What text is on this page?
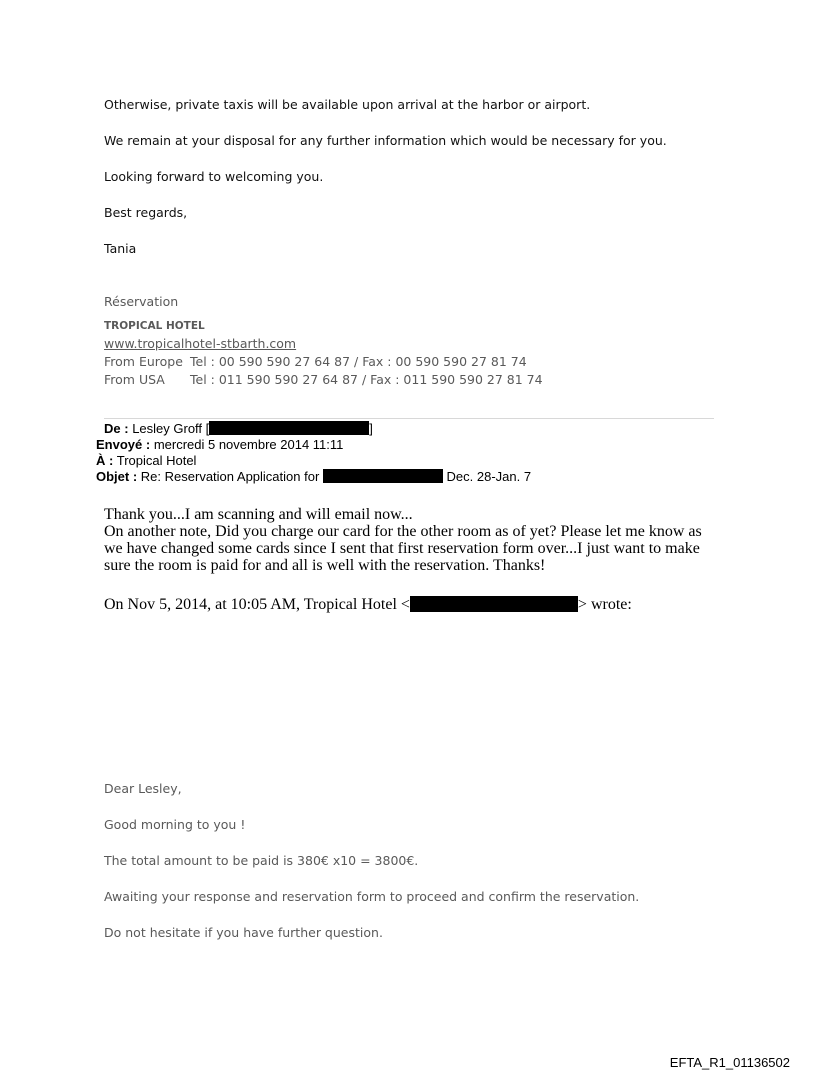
Otherwise, private taxis will be available upon arrival at the harbor or airport.
We remain at your disposal for any further information which would be necessary for you.
Looking forward to welcoming you.
Best regards,
Tania
Réservation
TROPICAL HOTEL
www.tropicalhotel-stbarth.com
From Europe Tel : 00 590 590 27 64 87 / Fax : 00 590 590 27 81 74
From USA Tel : 011 590 590 27 64 87 / Fax : 011 590 590 27 81 74
De : Lesley Groff [	]
Envoyé : mercredi 5 novembre 2014 11:11
À : Tropical Hotel
Objet : Re: Reservation Application for	Dec. 28-Jan. 7
Thank you...I am scanning and will email now...
On another note, Did you charge our card for the other room as of yet? Please let me know as
we have changed some cards since I sent that first reservation form over...I just want to make
sure the room is paid for and all is well with the reservation. Thanks!
On Nov 5, 2014, at 10:05 AM, Tropical Hotel <	> wrote:
Dear Lesley,
Good morning to you !
The total amount to be paid is 380€ x10 = 3800€.
Awaiting your response and reservation form to proceed and confirm the reservation.
Do not hesitate if you have further question.
EFTA_R1_01136502
